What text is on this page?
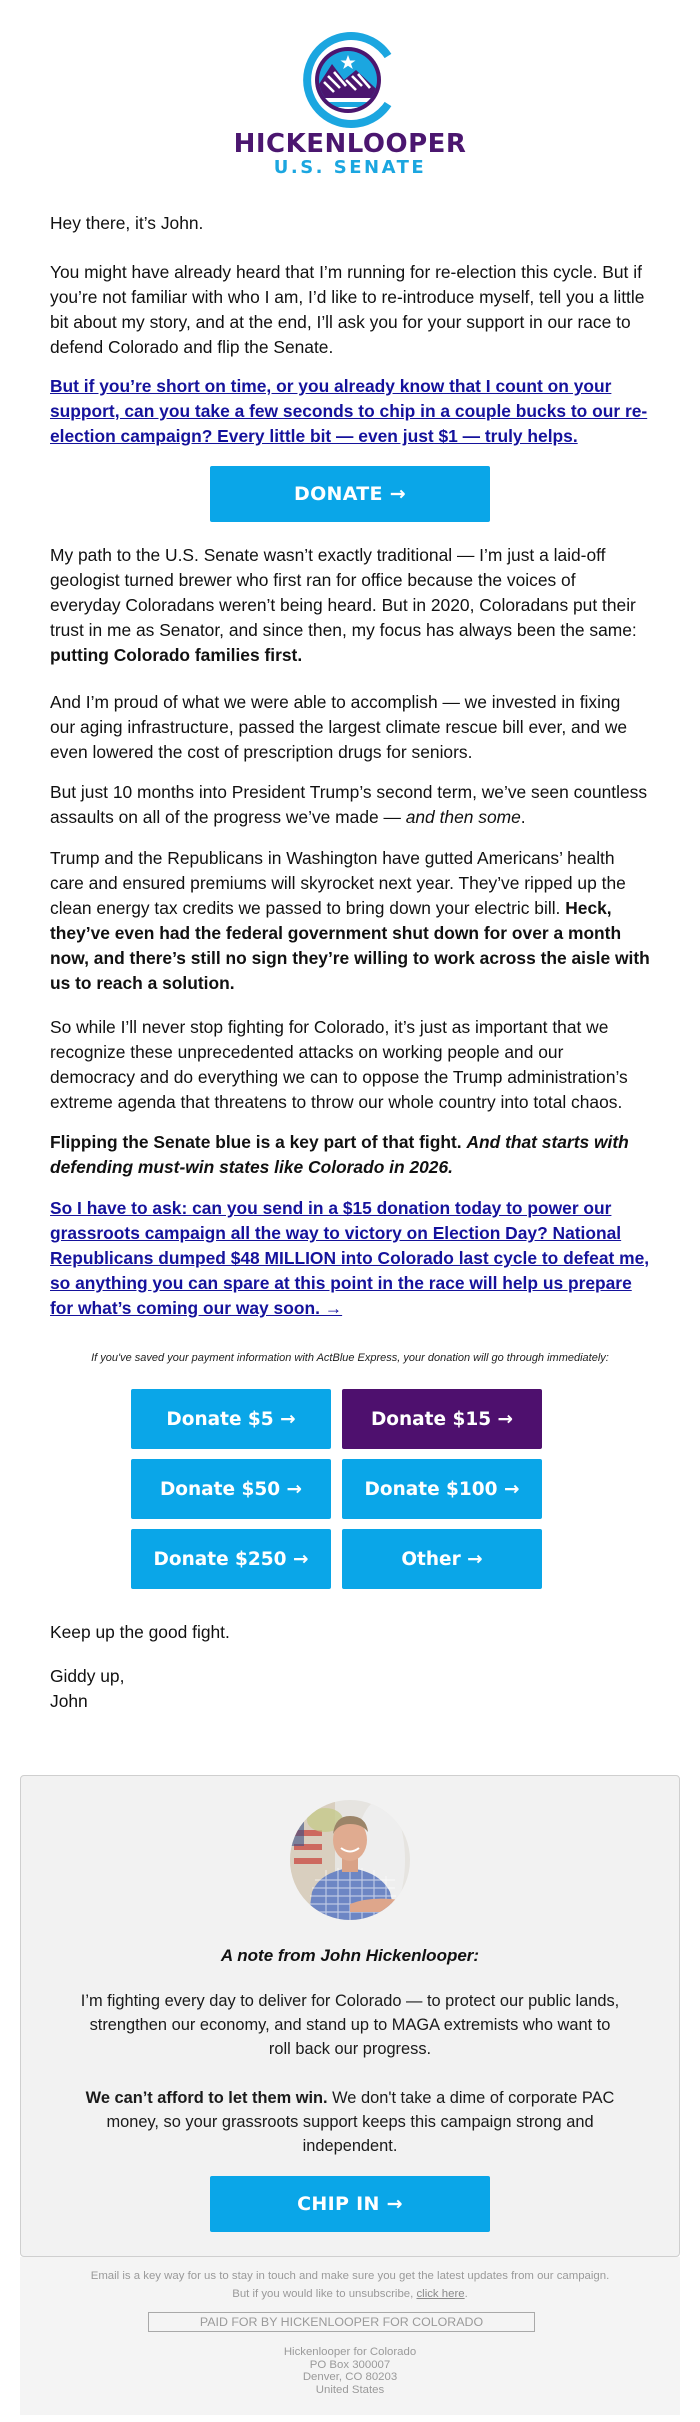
HICKENLOOPER
U.S. SENATE

Hey there, it’s John.

You might have already heard that I’m running for re-election this cycle. But if you’re not familiar with who I am, I’d like to re-introduce myself, tell you a little bit about my story, and at the end, I’ll ask you for your support in our race to defend Colorado and flip the Senate.

But if you’re short on time, or you already know that I count on your support, can you take a few seconds to chip in a couple bucks to our re-election campaign? Every little bit — even just $1 — truly helps.

DONATE →

My path to the U.S. Senate wasn’t exactly traditional — I’m just a laid-off geologist turned brewer who first ran for office because the voices of everyday Coloradans weren’t being heard. But in 2020, Coloradans put their trust in me as Senator, and since then, my focus has always been the same: putting Colorado families first.

And I’m proud of what we were able to accomplish — we invested in fixing our aging infrastructure, passed the largest climate rescue bill ever, and we even lowered the cost of prescription drugs for seniors.

But just 10 months into President Trump’s second term, we’ve seen countless assaults on all of the progress we’ve made — and then some.

Trump and the Republicans in Washington have gutted Americans’ health care and ensured premiums will skyrocket next year. They’ve ripped up the clean energy tax credits we passed to bring down your electric bill. Heck, they’ve even had the federal government shut down for over a month now, and there’s still no sign they’re willing to work across the aisle with us to reach a solution.

So while I’ll never stop fighting for Colorado, it’s just as important that we recognize these unprecedented attacks on working people and our democracy and do everything we can to oppose the Trump administration’s extreme agenda that threatens to throw our whole country into total chaos.

Flipping the Senate blue is a key part of that fight. And that starts with defending must-win states like Colorado in 2026.

So I have to ask: can you send in a $15 donation today to power our grassroots campaign all the way to victory on Election Day? National Republicans dumped $48 MILLION into Colorado last cycle to defeat me, so anything you can spare at this point in the race will help us prepare for what’s coming our way soon. →

If you've saved your payment information with ActBlue Express, your donation will go through immediately:
Donate $5 →	Donate $15 →
Donate $50 →	Donate $100 →
Donate $250 →	Other →

Keep up the good fight.

Giddy up,

John

A note from John Hickenlooper:

I’m fighting every day to deliver for Colorado — to protect our public lands, strengthen our economy, and stand up to MAGA extremists who want to roll back our progress.

We can’t afford to let them win. We don't take a dime of corporate PAC money, so your grassroots support keeps this campaign strong and independent.

CHIP IN →
Email is a key way for us to stay in touch and make sure you get the latest updates from our campaign.
But if you would like to unsubscribe, click here.
PAID FOR BY HICKENLOOPER FOR COLORADO
Hickenlooper for Colorado
PO Box 300007
Denver, CO 80203
United States
